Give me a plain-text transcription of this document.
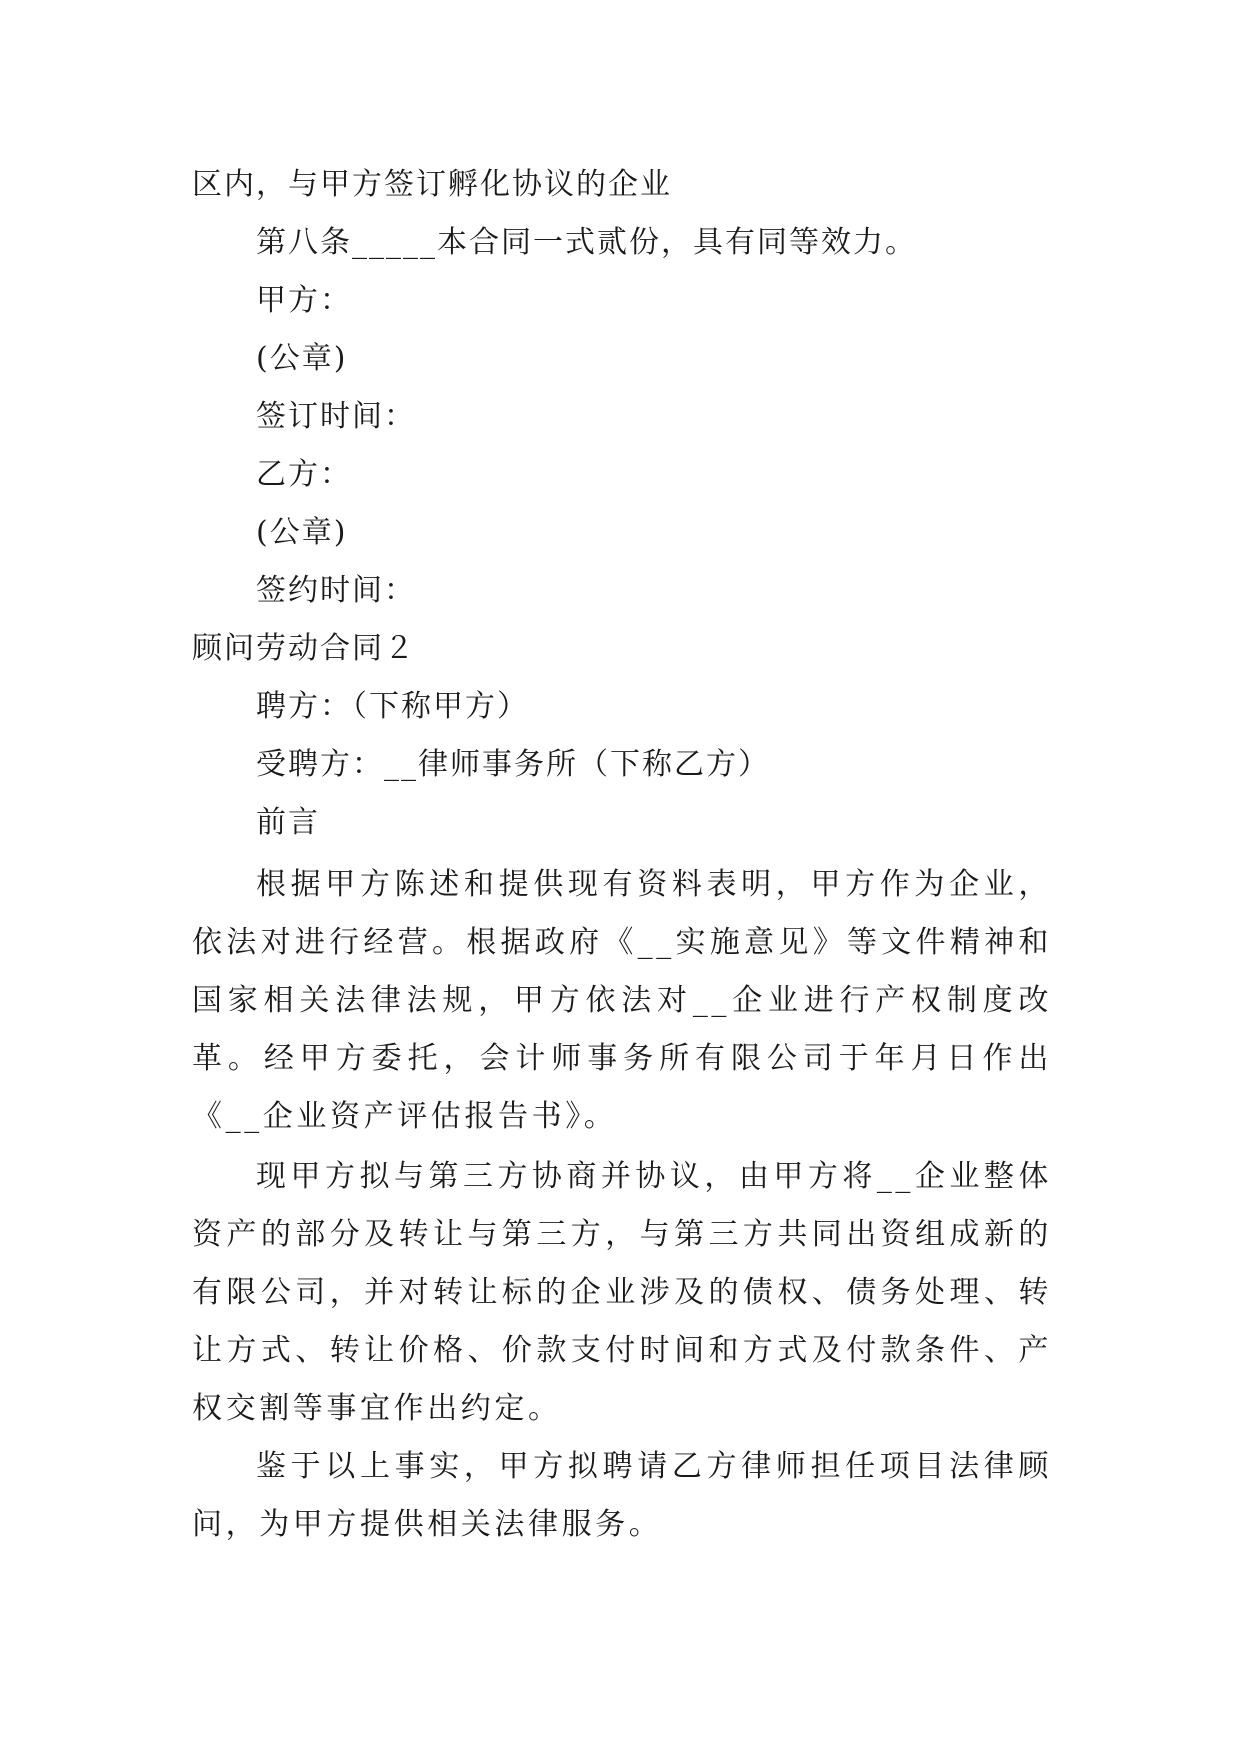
区内，与甲方签订孵化协议的企业
第八条_____本合同一式贰份，具有同等效力。
甲方：
(公章)
签订时间：
乙方：
(公章)
签约时间：
顾问劳动合同２
聘方：（下称甲方）
受聘方：__律师事务所（下称乙方）
前言
根据甲方陈述和提供现有资料表明，甲方作为企业，依法对进行经营。根据政府《__实施意见》等文件精神和国家相关法律法规，甲方依法对__企业进行产权制度改革。经甲方委托，会计师事务所有限公司于年月日作出《__企业资产评估报告书》。
现甲方拟与第三方协商并协议，由甲方将__企业整体资产的部分及转让与第三方，与第三方共同出资组成新的有限公司，并对转让标的企业涉及的债权、债务处理、转让方式、转让价格、价款支付时间和方式及付款条件、产权交割等事宜作出约定。
鉴于以上事实，甲方拟聘请乙方律师担任项目法律顾问，为甲方提供相关法律服务。
